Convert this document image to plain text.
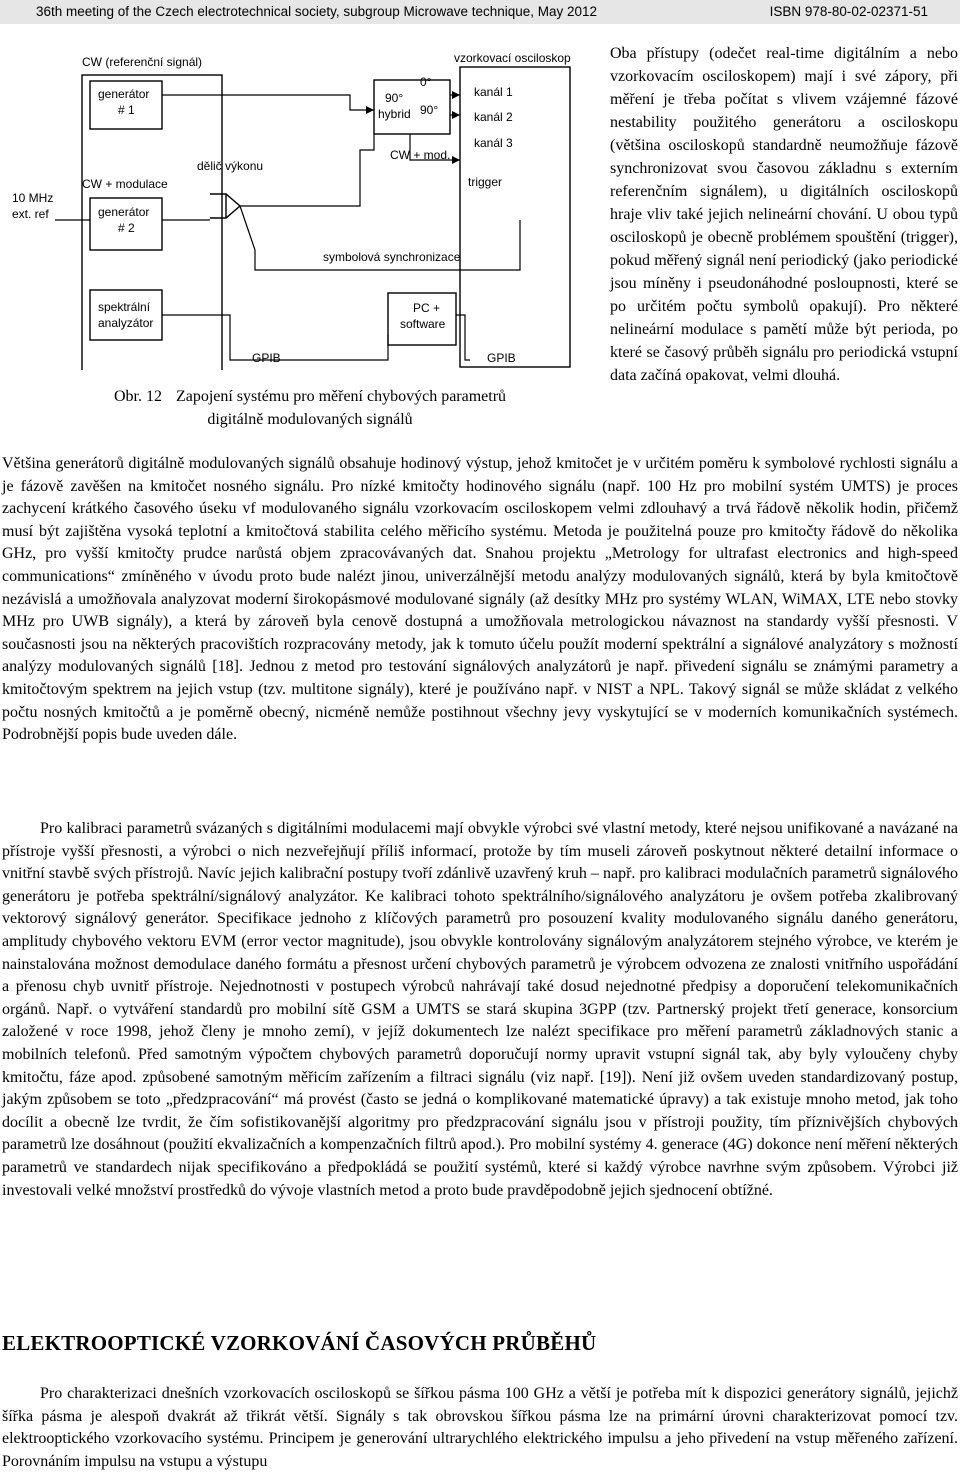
36th meeting of the Czech electrotechnical society, subgroup Microwave technique, May 2012	ISBN 978-80-02-02371-51
CW (referenční signál)
generátor
# 1
dělič výkonu
CW + modulace
generátor
# 2
10 MHz
ext. ref
90°
hybrid
0°
90°
CW + mod.
vzorkovací osciloskop
kanál 1
kanál 2
kanál 3
trigger
symbolová synchronizace
spektrální
analyzátor
PC +
software
GPIB	GPIB
Obr. 12 Zapojení systému pro měření chybových parametrů
digitálně modulovaných signálů

Oba přístupy (odečet real-time digitálním a nebo vzorkovacím osciloskopem) mají i své zápory, při měření je třeba počítat s vlivem vzájemné fázové nestability použitého generátoru a osciloskopu (většina osciloskopů standardně neumožňuje fázově synchronizovat svou časovou základnu s externím referenčním signálem), u digitálních osciloskopů hraje vliv také jejich nelineární chování. U obou typů osciloskopů je obecně problémem spouštění (trigger), pokud měřený signál není periodický (jako periodické jsou míněny i pseudonáhodné posloupnosti, které se po určitém počtu symbolů opakují). Pro některé nelineární modulace s pamětí může být perioda, po které se časový průběh signálu pro periodická vstupní data začíná opakovat, velmi dlouhá.

Většina generátorů digitálně modulovaných signálů obsahuje hodinový výstup, jehož kmitočet je v určitém poměru k symbolové rychlosti signálu a je fázově zavěšen na kmitočet nosného signálu. Pro nízké kmitočty hodinového signálu (např. 100 Hz pro mobilní systém UMTS) je proces zachycení krátkého časového úseku vf modulovaného signálu vzorkovacím osciloskopem velmi zdlouhavý a trvá řádově několik hodin, přičemž musí být zajištěna vysoká teplotní a kmitočtová stabilita celého měřicího systému. Metoda je použitelná pouze pro kmitočty řádově do několika GHz, pro vyšší kmitočty prudce narůstá objem zpracovávaných dat. Snahou projektu „Metrology for ultrafast electronics and high-speed communications“ zmíněného v úvodu proto bude nalézt jinou, univerzálnější metodu analýzy modulovaných signálů, která by byla kmitočtově nezávislá a umožňovala analyzovat moderní širokopásmové modulované signály (až desítky MHz pro systémy WLAN, WiMAX, LTE nebo stovky MHz pro UWB signály), a která by zároveň byla cenově dostupná a umožňovala metrologickou návaznost na standardy vyšší přesnosti. V současnosti jsou na některých pracovištích rozpracovány metody, jak k tomuto účelu použít moderní spektrální a signálové analyzátory s možností analýzy modulovaných signálů [18]. Jednou z metod pro testování signálových analyzátorů je např. přivedení signálu se známými parametry a kmitočtovým spektrem na jejich vstup (tzv. multitone signály), které je používáno např. v NIST a NPL. Takový signál se může skládat z velkého počtu nosných kmitočtů a je poměrně obecný, nicméně nemůže postihnout všechny jevy vyskytující se v moderních komunikačních systémech. Podrobnější popis bude uveden dále.

Pro kalibraci parametrů svázaných s digitálními modulacemi mají obvykle výrobci své vlastní metody, které nejsou unifikované a navázané na přístroje vyšší přesnosti, a výrobci o nich nezveřejňují příliš informací, protože by tím museli zároveň poskytnout některé detailní informace o vnitřní stavbě svých přístrojů. Navíc jejich kalibrační postupy tvoří zdánlivě uzavřený kruh – např. pro kalibraci modulačních parametrů signálového generátoru je potřeba spektrální/signálový analyzátor. Ke kalibraci tohoto spektrálního/signálového analyzátoru je ovšem potřeba zkalibrovaný vektorový signálový generátor. Specifikace jednoho z klíčových parametrů pro posouzení kvality modulovaného signálu daného generátoru, amplitudy chybového vektoru EVM (error vector magnitude), jsou obvykle kontrolovány signálovým analyzátorem stejného výrobce, ve kterém je nainstalována možnost demodulace daného formátu a přesnost určení chybových parametrů je výrobcem odvozena ze znalosti vnitřního uspořádání a přenosu chyb uvnitř přístroje. Nejednotnosti v postupech výrobců nahrávají také dosud nejednotné předpisy a doporučení telekomunikačních orgánů. Např. o vytváření standardů pro mobilní sítě GSM a UMTS se stará skupina 3GPP (tzv. Partnerský projekt třetí generace, konsorcium založené v roce 1998, jehož členy je mnoho zemí), v jejíž dokumentech lze nalézt specifikace pro měření parametrů základnových stanic a mobilních telefonů. Před samotným výpočtem chybových parametrů doporučují normy upravit vstupní signál tak, aby byly vyloučeny chyby kmitočtu, fáze apod. způsobené samotným měřicím zařízením a filtraci signálu (viz např. [19]). Není již ovšem uveden standardizovaný postup, jakým způsobem se toto „předzpracování“ má provést (často se jedná o komplikované matematické úpravy) a tak existuje mnoho metod, jak toho docílit a obecně lze tvrdit, že čím sofistikovanější algoritmy pro předzpracování signálu jsou v přístroji použity, tím příznivějších chybových parametrů lze dosáhnout (použití ekvalizačních a kompenzačních filtrů apod.). Pro mobilní systémy 4. generace (4G) dokonce není měření některých parametrů ve standardech nijak specifikováno a předpokládá se použití systémů, které si každý výrobce navrhne svým způsobem. Výrobci již investovali velké množství prostředků do vývoje vlastních metod a proto bude pravděpodobně jejich sjednocení obtížné.

ELEKTROOPTICKÉ VZORKOVÁNÍ ČASOVÝCH PRŮBĚHŮ

Pro charakterizaci dnešních vzorkovacích osciloskopů se šířkou pásma 100 GHz a větší je potřeba mít k dispozici generátory signálů, jejichž šířka pásma je alespoň dvakrát až třikrát větší. Signály s tak obrovskou šířkou pásma lze na primární úrovni charakterizovat pomocí tzv. elektrooptického vzorkovacího systému. Principem je generování ultrarychlého elektrického impulsu a jeho přivedení na vstup měřeného zařízení. Porovnáním impulsu na vstupu a výstupu
